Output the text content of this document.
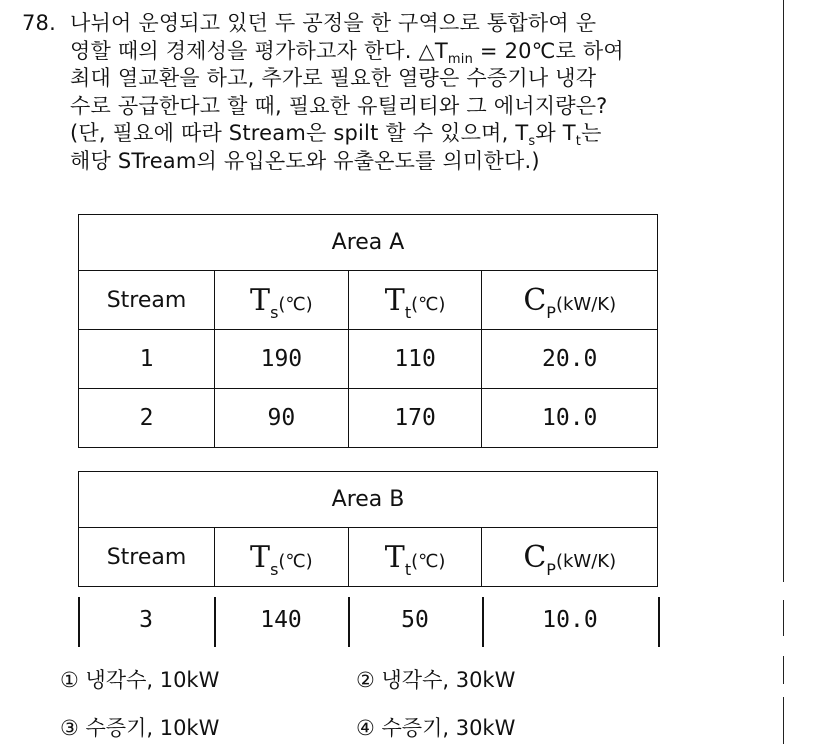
78. 나뉘어 운영되고 있던 두 공정을 한 구역으로 통합하여 운
영할 때의 경제성을 평가하고자 한다. $\triangle T_{min}$ = 20℃로 하여
최대 열교환을 하고, 추가로 필요한 열량은 수증기나 냉각
수로 공급한다고 할 때, 필요한 유틸리티와 그 에너지량은?
(단, 필요에 따라 Stream은 spilt 할 수 있으며, $T_s$와 $T_t$는
해당 STream의 유입온도와 유출온도를 의미한다.)
Area A			
Stream	$T_s(℃)$	$T_t(℃)$	$C_P(kW/K)$
1	190	110	20.0
2	90	170	10.0
Area B
Stream	$T_s(℃)$	$T_t(℃)$	$C_P(kW/K)$
3	140	50	10.0
① 냉각수, 10kW	② 냉각수, 30kW
③ 수증기, 10kW	④ 수증기, 30kW
